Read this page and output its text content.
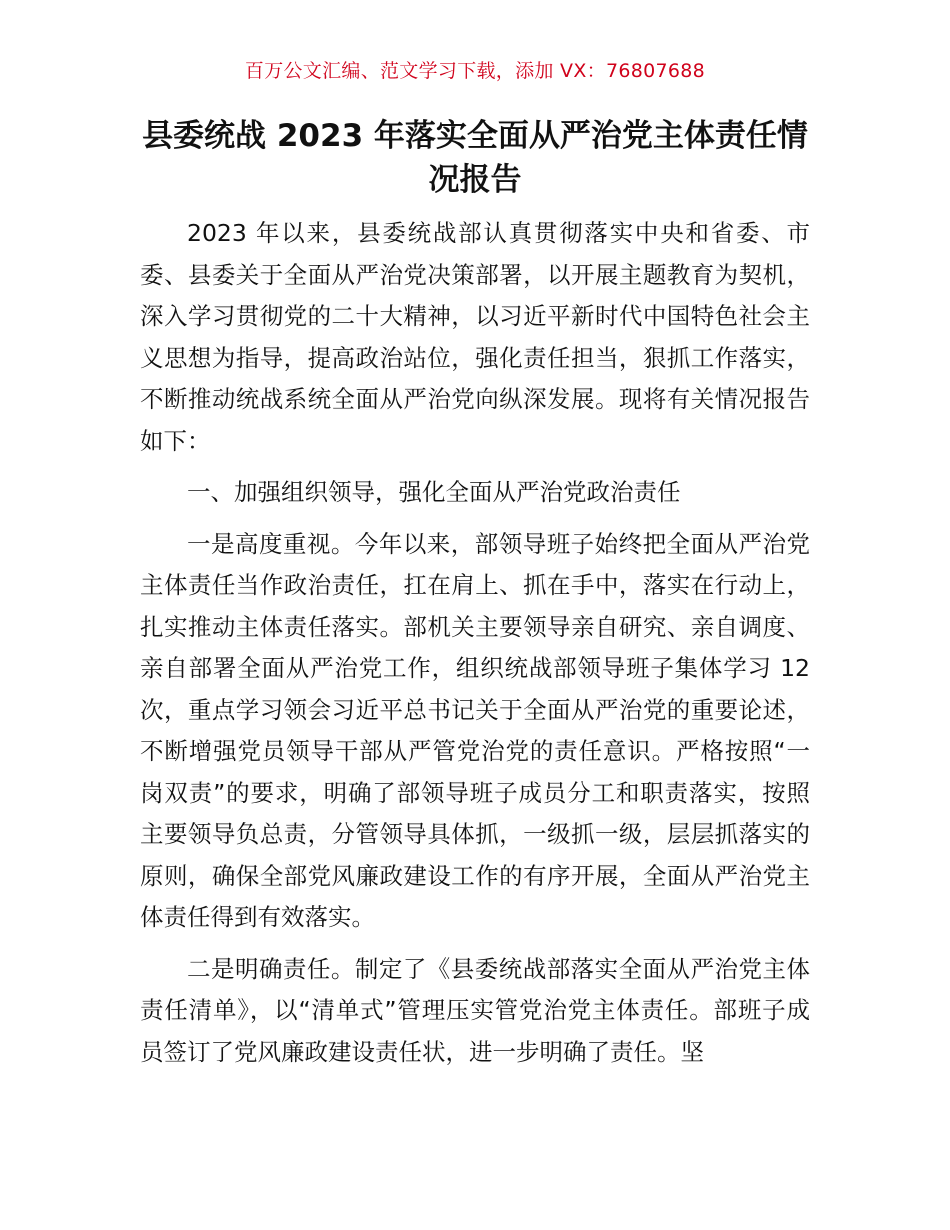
百万公文汇编、范文学习下载，添加 VX：76807688
县委统战 2023 年落实全面从严治党主体责任情况报告

2023 年以来，县委统战部认真贯彻落实中央和省委、市委、县委关于全面从严治党决策部署，以开展主题教育为契机，深入学习贯彻党的二十大精神，以习近平新时代中国特色社会主义思想为指导，提高政治站位，强化责任担当，狠抓工作落实，不断推动统战系统全面从严治党向纵深发展。现将有关情况报告如下：

一、加强组织领导，强化全面从严治党政治责任

一是高度重视。今年以来，部领导班子始终把全面从严治党主体责任当作政治责任，扛在肩上、抓在手中，落实在行动上，扎实推动主体责任落实。部机关主要领导亲自研究、亲自调度、亲自部署全面从严治党工作，组织统战部领导班子集体学习 12 次，重点学习领会习近平总书记关于全面从严治党的重要论述，不断增强党员领导干部从严管党治党的责任意识。严格按照“一岗双责”的要求，明确了部领导班子成员分工和职责落实，按照主要领导负总责，分管领导具体抓，一级抓一级，层层抓落实的原则，确保全部党风廉政建设工作的有序开展，全面从严治党主体责任得到有效落实。

二是明确责任。制定了《县委统战部落实全面从严治党主体责任清单》，以“清单式”管理压实管党治党主体责任。部班子成员签订了党风廉政建设责任状，进一步明确了责任。坚
